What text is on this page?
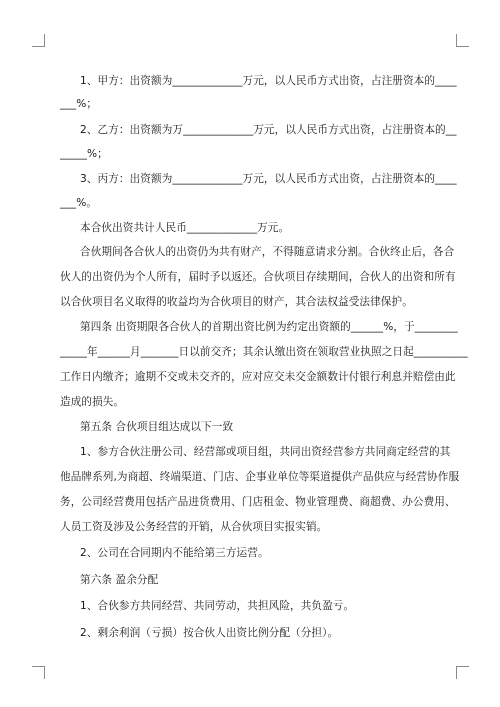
1、甲方：出资额为_____________万元，以人民币方式出资，占注册资本的____
___%；
2、乙方：出资额为万_____________万元，以人民币方式出资，占注册资本的__
_____%；
3、丙方：出资额为_____________万元，以人民币方式出资，占注册资本的____
___%。
本合伙出资共计人民币_____________万元。
合伙期间各合伙人的出资仍为共有财产，不得随意请求分割。合伙终止后，各合
伙人的出资仍为个人所有，届时予以返还。合伙项目存续期间，合伙人的出资和所有
以合伙项目名义取得的收益均为合伙项目的财产，其合法权益受法律保护。
第四条 出资期限各合伙人的首期出资比例为约定出资额的______%，于________
_____年______月_______日以前交齐；其余认缴出资在领取营业执照之日起__________
工作日内缴齐；逾期不交或未交齐的，应对应交未交金额数计付银行利息并赔偿由此
造成的损失。
第五条 合伙项目组达成以下一致
1、参方合伙注册公司、经营部或项目组，共同出资经营参方共同商定经营的其
他品牌系列,为商超、终端渠道、门店、企事业单位等渠道提供产品供应与经营协作服
务，公司经营费用包括产品进货费用、门店租金、物业管理费、商超费、办公费用、
人员工资及涉及公务经营的开销，从合伙项目实报实销。
2、公司在合同期内不能给第三方运营。
第六条 盈余分配
1、合伙参方共同经营、共同劳动，共担风险，共负盈亏。
2、剩余利润（亏损）按合伙人出资比例分配（分担）。
